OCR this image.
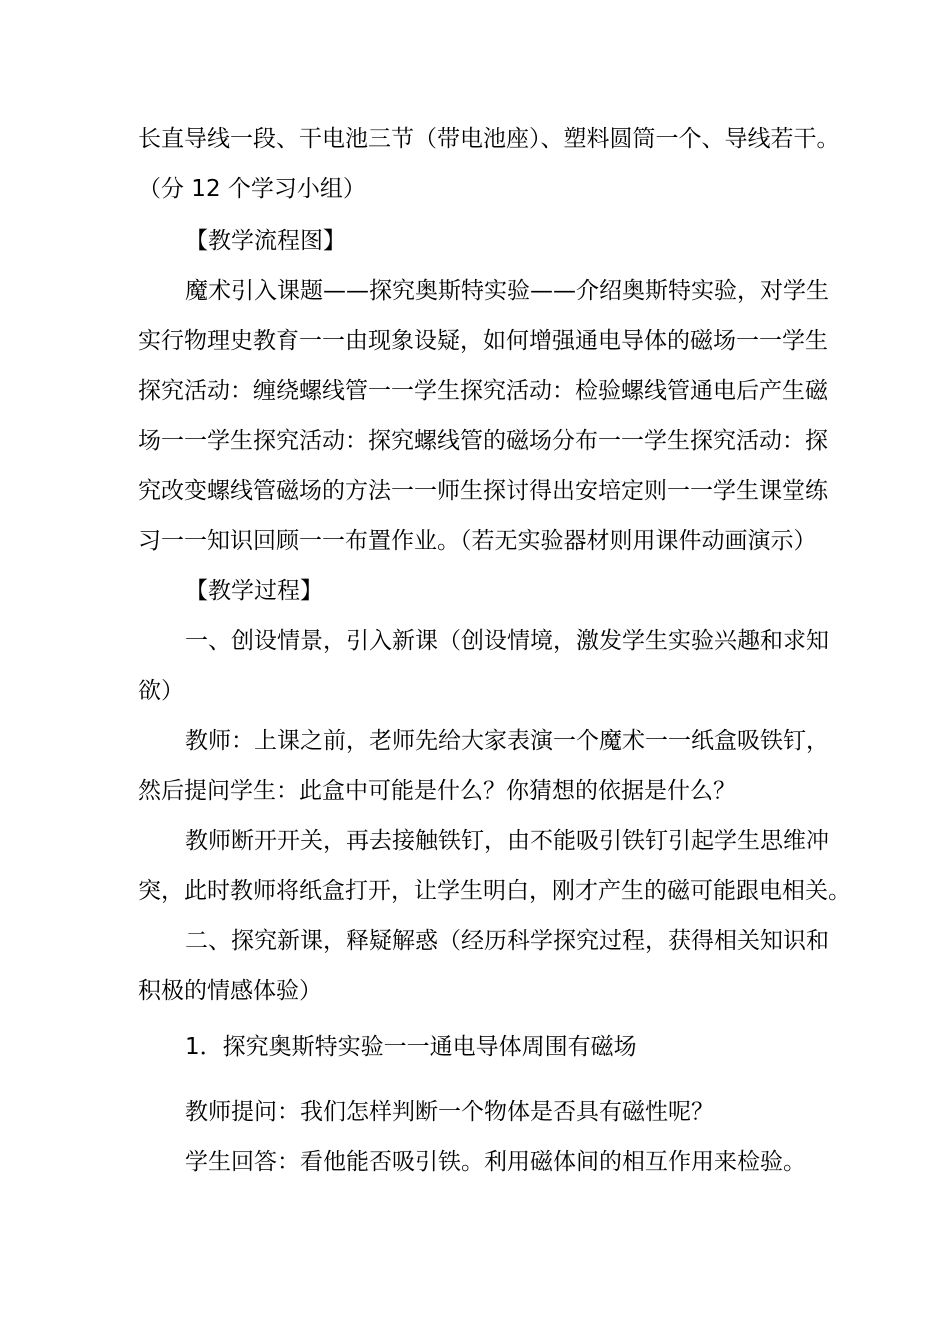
长直导线一段、干电池三节（带电池座）、塑料圆筒一个、导线若干。
（分 12 个学习小组）
【教学流程图】
魔术引入课题——探究奥斯特实验——介绍奥斯特实验，对学生
实行物理史教育一一由现象设疑，如何增强通电导体的磁场一一学生
探究活动：缠绕螺线管一一学生探究活动：检验螺线管通电后产生磁
场一一学生探究活动：探究螺线管的磁场分布一一学生探究活动：探
究改变螺线管磁场的方法一一师生探讨得出安培定则一一学生课堂练
习一一知识回顾一一布置作业。（若无实验器材则用课件动画演示）
【教学过程】
一、创设情景，引入新课（创设情境，激发学生实验兴趣和求知
欲）
教师：上课之前，老师先给大家表演一个魔术一一纸盒吸铁钉，
然后提问学生：此盒中可能是什么？你猜想的依据是什么？
教师断开开关，再去接触铁钉，由不能吸引铁钉引起学生思维冲
突，此时教师将纸盒打开，让学生明白，刚才产生的磁可能跟电相关。
二、探究新课，释疑解惑（经历科学探究过程，获得相关知识和
积极的情感体验）
1．探究奥斯特实验一一通电导体周围有磁场
教师提问：我们怎样判断一个物体是否具有磁性呢？
学生回答：看他能否吸引铁。利用磁体间的相互作用来检验。
